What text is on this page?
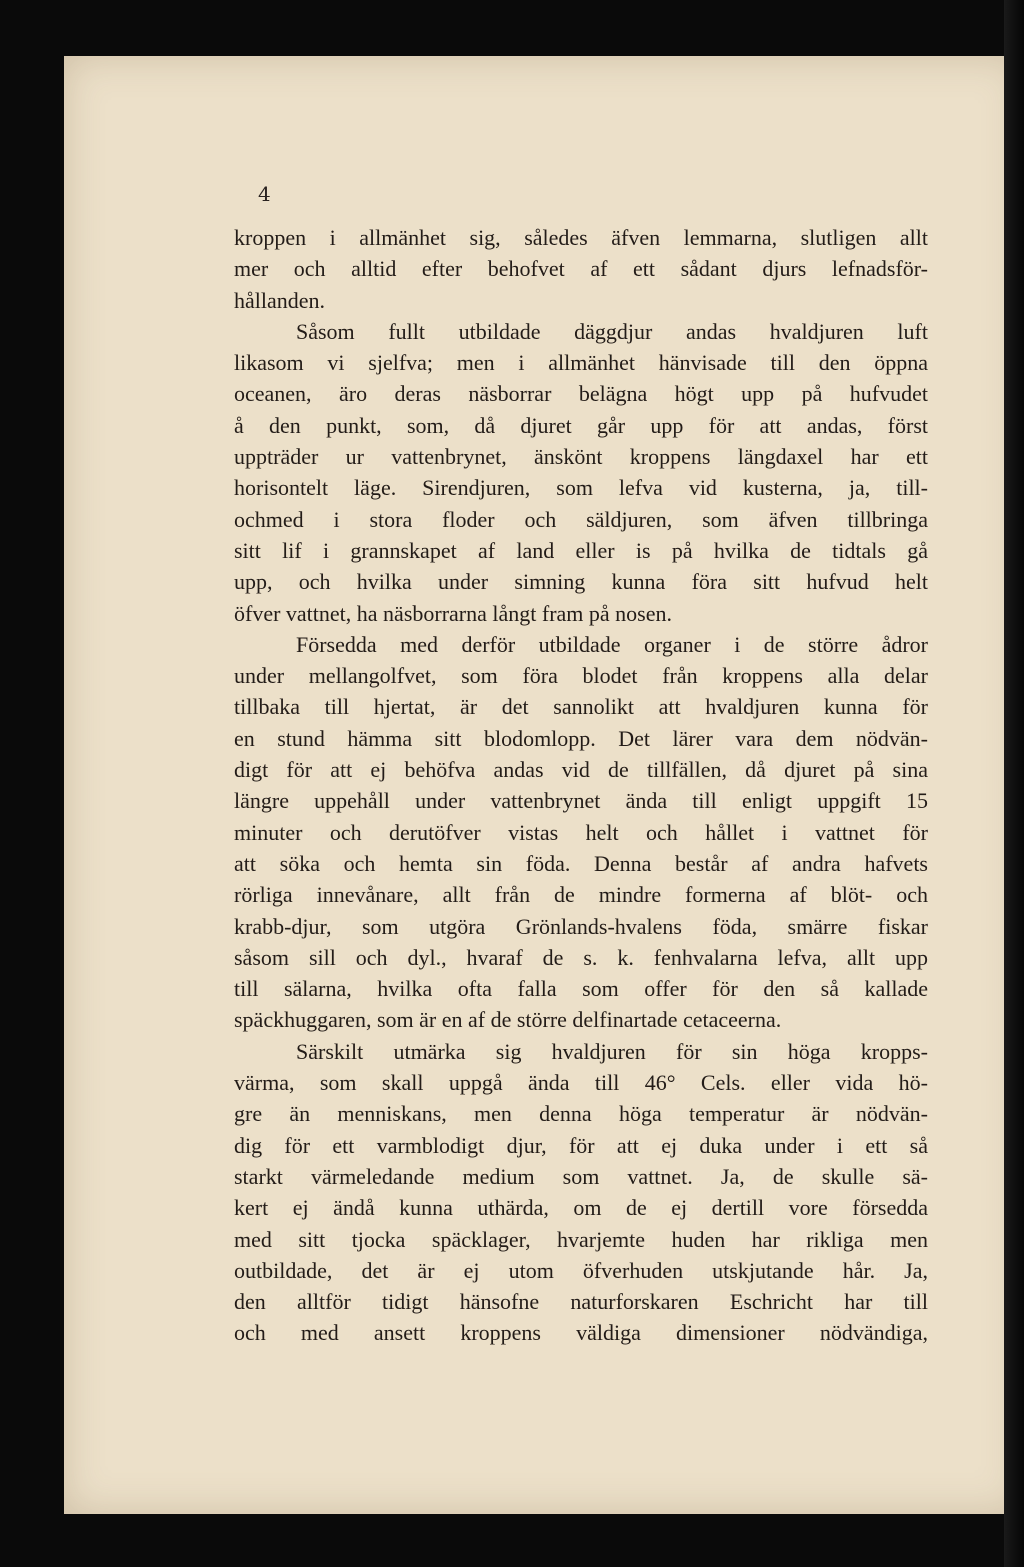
4
kroppen i allmänhet sig, således äfven lemmarna, slutligen allt
mer och alltid efter behofvet af ett sådant djurs lefnadsför-
hållanden.
Såsom fullt utbildade däggdjur andas hvaldjuren luft
likasom vi sjelfva; men i allmänhet hänvisade till den öppna
oceanen, äro deras näsborrar belägna högt upp på hufvudet
å den punkt, som, då djuret går upp för att andas, först
uppträder ur vattenbrynet, änskönt kroppens längdaxel har ett
horisontelt läge. Sirendjuren, som lefva vid kusterna, ja, till-
ochmed i stora floder och säldjuren, som äfven tillbringa
sitt lif i grannskapet af land eller is på hvilka de tidtals gå
upp, och hvilka under simning kunna föra sitt hufvud helt
öfver vattnet, ha näsborrarna långt fram på nosen.
Försedda med derför utbildade organer i de större ådror
under mellangolfvet, som föra blodet från kroppens alla delar
tillbaka till hjertat, är det sannolikt att hvaldjuren kunna för
en stund hämma sitt blodomlopp. Det lärer vara dem nödvän-
digt för att ej behöfva andas vid de tillfällen, då djuret på sina
längre uppehåll under vattenbrynet ända till enligt uppgift 15
minuter och derutöfver vistas helt och hållet i vattnet för
att söka och hemta sin föda. Denna består af andra hafvets
rörliga innevånare, allt från de mindre formerna af blöt- och
krabb-djur, som utgöra Grönlands-hvalens föda, smärre fiskar
såsom sill och dyl., hvaraf de s. k. fenhvalarna lefva, allt upp
till sälarna, hvilka ofta falla som offer för den så kallade
späckhuggaren, som är en af de större delfinartade cetaceerna.
Särskilt utmärka sig hvaldjuren för sin höga kropps-
värma, som skall uppgå ända till 46° Cels. eller vida hö-
gre än menniskans, men denna höga temperatur är nödvän-
dig för ett varmblodigt djur, för att ej duka under i ett så
starkt värmeledande medium som vattnet. Ja, de skulle sä-
kert ej ändå kunna uthärda, om de ej dertill vore försedda
med sitt tjocka späcklager, hvarjemte huden har rikliga men
outbildade, det är ej utom öfverhuden utskjutande hår. Ja,
den alltför tidigt hänsofne naturforskaren Eschricht har till
och med ansett kroppens väldiga dimensioner nödvändiga,
